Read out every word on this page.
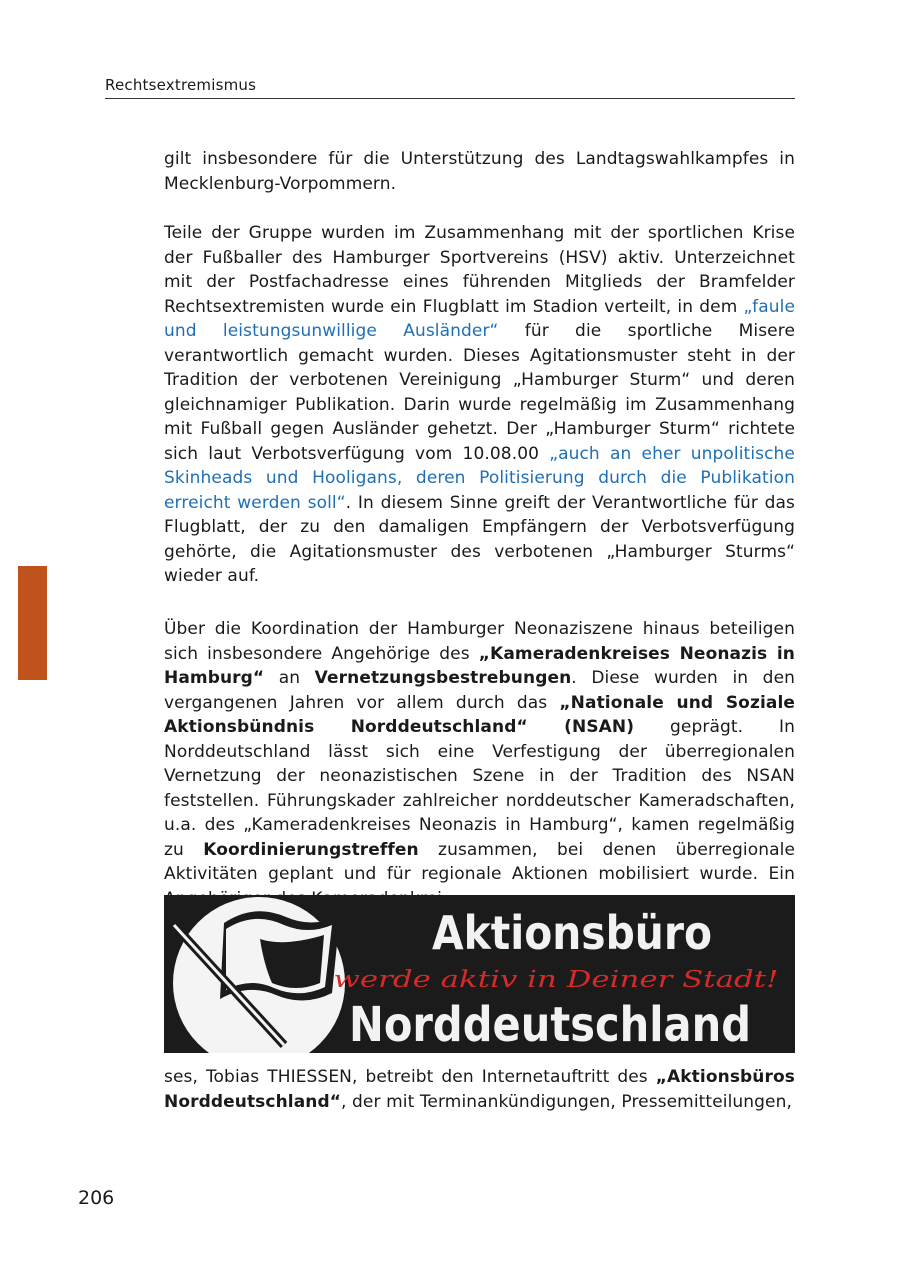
Rechtsextremismus

gilt insbesondere für die Unterstützung des Landtagswahlkampfes in Mecklenburg-Vorpommern.

Teile der Gruppe wurden im Zusammenhang mit der sportlichen Krise der Fußballer des Hamburger Sportvereins (HSV) aktiv. Unterzeichnet mit der Postfachadresse eines führenden Mitglieds der Bramfelder Rechtsextremisten wurde ein Flugblatt im Stadion verteilt, in dem „faule und leistungsunwillige Ausländer“ für die sportliche Misere verantwortlich gemacht wurden. Dieses Agitationsmuster steht in der Tradition der verbotenen Vereinigung „Hamburger Sturm“ und deren gleichnamiger Publikation. Darin wurde regelmäßig im Zusammenhang mit Fußball gegen Ausländer gehetzt. Der „Hamburger Sturm“ richtete sich laut Verbotsverfügung vom 10.08.00 „auch an eher unpolitische Skinheads und Hooligans, deren Politisierung durch die Publikation erreicht werden soll“. In diesem Sinne greift der Verantwortliche für das Flugblatt, der zu den damaligen Empfängern der Verbotsverfügung gehörte, die Agitationsmuster des verbotenen „Hamburger Sturms“ wieder auf.

Über die Koordination der Hamburger Neonaziszene hinaus beteiligen sich insbesondere Angehörige des „Kameradenkreises Neonazis in Hamburg“ an Vernetzungsbestrebungen. Diese wurden in den vergangenen Jahren vor allem durch das „Nationale und Soziale Aktionsbündnis Norddeutschland“ (NSAN) geprägt. In Norddeutschland lässt sich eine Verfestigung der überregionalen Vernetzung der neonazistischen Szene in der Tradition des NSAN feststellen. Führungskader zahlreicher norddeutscher Kameradschaften, u.a. des „Kameradenkreises Neonazis in Hamburg“, kamen regelmäßig zu Koordinierungstreffen zusammen, bei denen überregionale Aktivitäten geplant und für regionale Aktionen mobilisiert wurde. Ein

Aktionsbüro
werde aktiv in Deiner Stadt!
Norddeutschland

ses, Tobias THIESSEN, betreibt den Internetauftritt des „Aktionsbüros Norddeutschland“, der mit Terminankündigungen, Pressemitteilungen,

206
